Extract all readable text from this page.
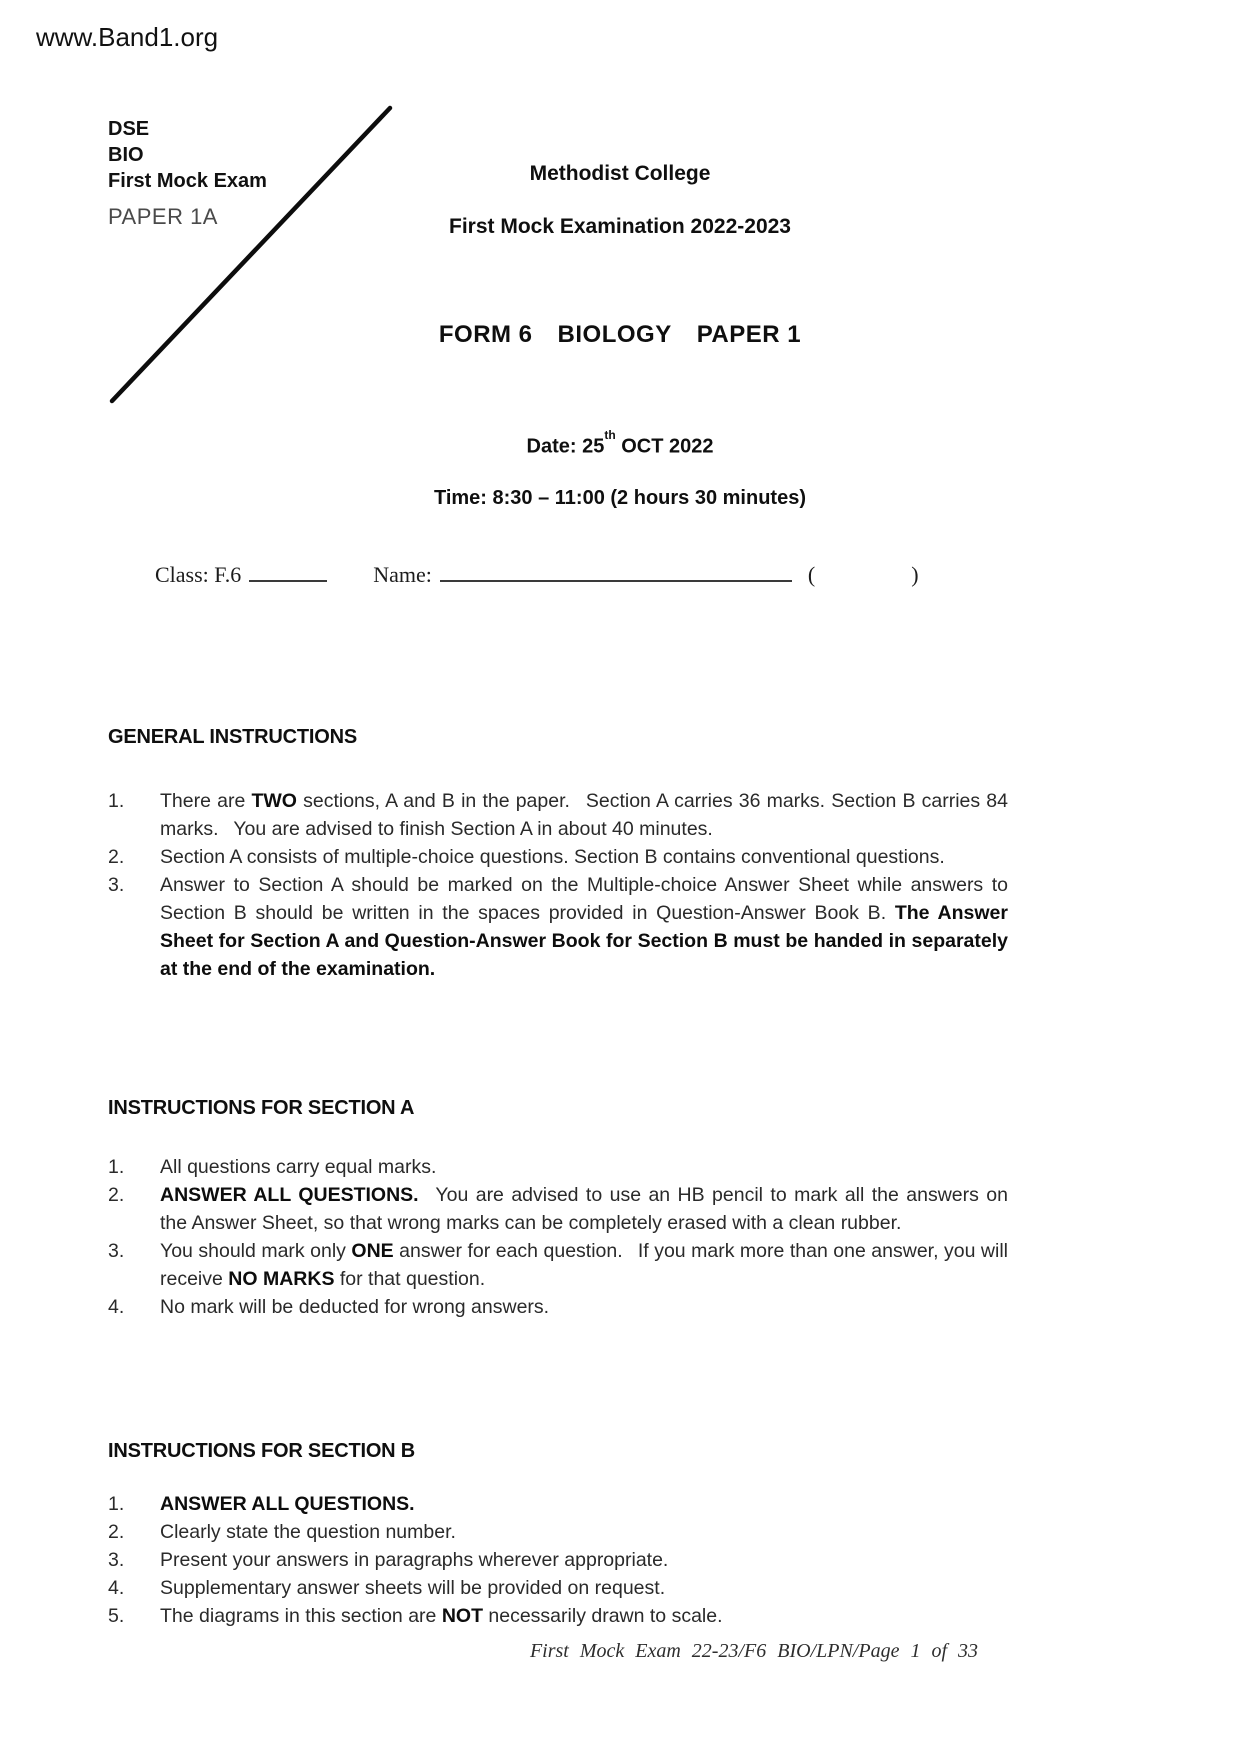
www.Band1.org
DSE
BIO
First Mock Exam
PAPER 1A
Methodist College
First Mock Examination 2022-2023
FORM 6  BIOLOGY  PAPER 1
Date: 25th OCT 2022
Time: 8:30 – 11:00 (2 hours 30 minutes)
Class: F.6	Name:	(	)
GENERAL INSTRUCTIONS
1.	There are TWO sections, A and B in the paper.  Section A carries 36 marks. Section B carries 84 marks.  You are advised to finish Section A in about 40 minutes.
2.	Section A consists of multiple-choice questions. Section B contains conventional questions.
3.	Answer to Section A should be marked on the Multiple-choice Answer Sheet while answers to Section B should be written in the spaces provided in Question-Answer Book B. The Answer Sheet for Section A and Question-Answer Book for Section B must be handed in separately at the end of the examination.
INSTRUCTIONS FOR SECTION A
1.	All questions carry equal marks.
2.	ANSWER ALL QUESTIONS.  You are advised to use an HB pencil to mark all the answers on the Answer Sheet, so that wrong marks can be completely erased with a clean rubber.
3.	You should mark only ONE answer for each question.  If you mark more than one answer, you will receive NO MARKS for that question.
4.	No mark will be deducted for wrong answers.
INSTRUCTIONS FOR SECTION B
1.	ANSWER ALL QUESTIONS.
2.	Clearly state the question number.
3.	Present your answers in paragraphs wherever appropriate.
4.	Supplementary answer sheets will be provided on request.
5.	The diagrams in this section are NOT necessarily drawn to scale.
First Mock Exam 22-23/F6 BIO/LPN/Page 1 of 33
